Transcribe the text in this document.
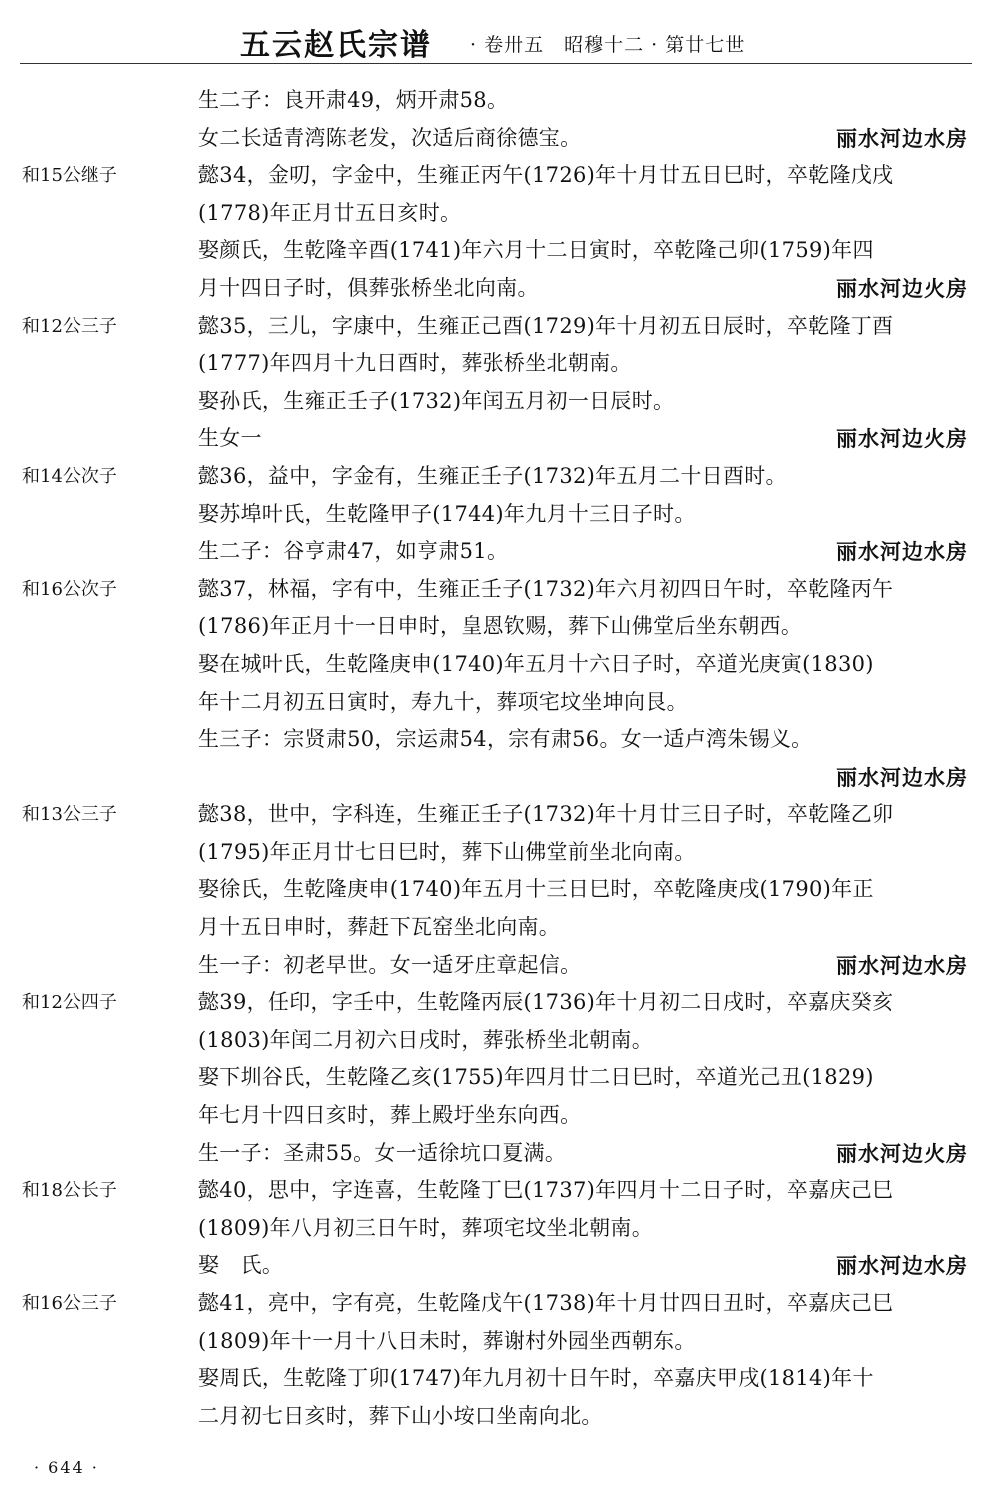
五云赵氏宗谱 · 卷卅五　昭穆十二 · 第廿七世
生二子：良开肃49，炳开肃58。
女二长适青湾陈老发，次适后商徐德宝。	丽水河边水房
和15公继子	懿34，金叨，字金中，生雍正丙午(1726)年十月廿五日巳时，卒乾隆戊戌
(1778)年正月廿五日亥时。
娶颜氏，生乾隆辛酉(1741)年六月十二日寅时，卒乾隆己卯(1759)年四
月十四日子时，俱葬张桥坐北向南。	丽水河边火房
和12公三子	懿35，三儿，字康中，生雍正己酉(1729)年十月初五日辰时，卒乾隆丁酉
(1777)年四月十九日酉时，葬张桥坐北朝南。
娶孙氏，生雍正壬子(1732)年闰五月初一日辰时。
生女一	丽水河边火房
和14公次子	懿36，益中，字金有，生雍正壬子(1732)年五月二十日酉时。
娶苏埠叶氏，生乾隆甲子(1744)年九月十三日子时。
生二子：谷亨肃47，如亨肃51。	丽水河边水房
和16公次子	懿37，林福，字有中，生雍正壬子(1732)年六月初四日午时，卒乾隆丙午
(1786)年正月十一日申时，皇恩钦赐，葬下山佛堂后坐东朝西。
娶在城叶氏，生乾隆庚申(1740)年五月十六日子时，卒道光庚寅(1830)
年十二月初五日寅时，寿九十，葬项宅坟坐坤向艮。
生三子：宗贤肃50，宗运肃54，宗有肃56。女一适卢湾朱锡义。
丽水河边水房
和13公三子	懿38，世中，字科连，生雍正壬子(1732)年十月廿三日子时，卒乾隆乙卯
(1795)年正月廿七日巳时，葬下山佛堂前坐北向南。
娶徐氏，生乾隆庚申(1740)年五月十三日巳时，卒乾隆庚戌(1790)年正
月十五日申时，葬赶下瓦窑坐北向南。
生一子：初老早世。女一适牙庄章起信。	丽水河边水房
和12公四子	懿39，任印，字壬中，生乾隆丙辰(1736)年十月初二日戌时，卒嘉庆癸亥
(1803)年闰二月初六日戌时，葬张桥坐北朝南。
娶下圳谷氏，生乾隆乙亥(1755)年四月廿二日巳时，卒道光己丑(1829)
年七月十四日亥时，葬上殿圩坐东向西。
生一子：圣肃55。女一适徐坑口夏满。	丽水河边火房
和18公长子	懿40，思中，字连喜，生乾隆丁巳(1737)年四月十二日子时，卒嘉庆己巳
(1809)年八月初三日午时，葬项宅坟坐北朝南。
娶　氏。	丽水河边水房
和16公三子	懿41，亮中，字有亮，生乾隆戊午(1738)年十月廿四日丑时，卒嘉庆己巳
(1809)年十一月十八日未时，葬谢村外园坐西朝东。
娶周氏，生乾隆丁卯(1747)年九月初十日午时，卒嘉庆甲戌(1814)年十
二月初七日亥时，葬下山小垵口坐南向北。
· 644 ·
